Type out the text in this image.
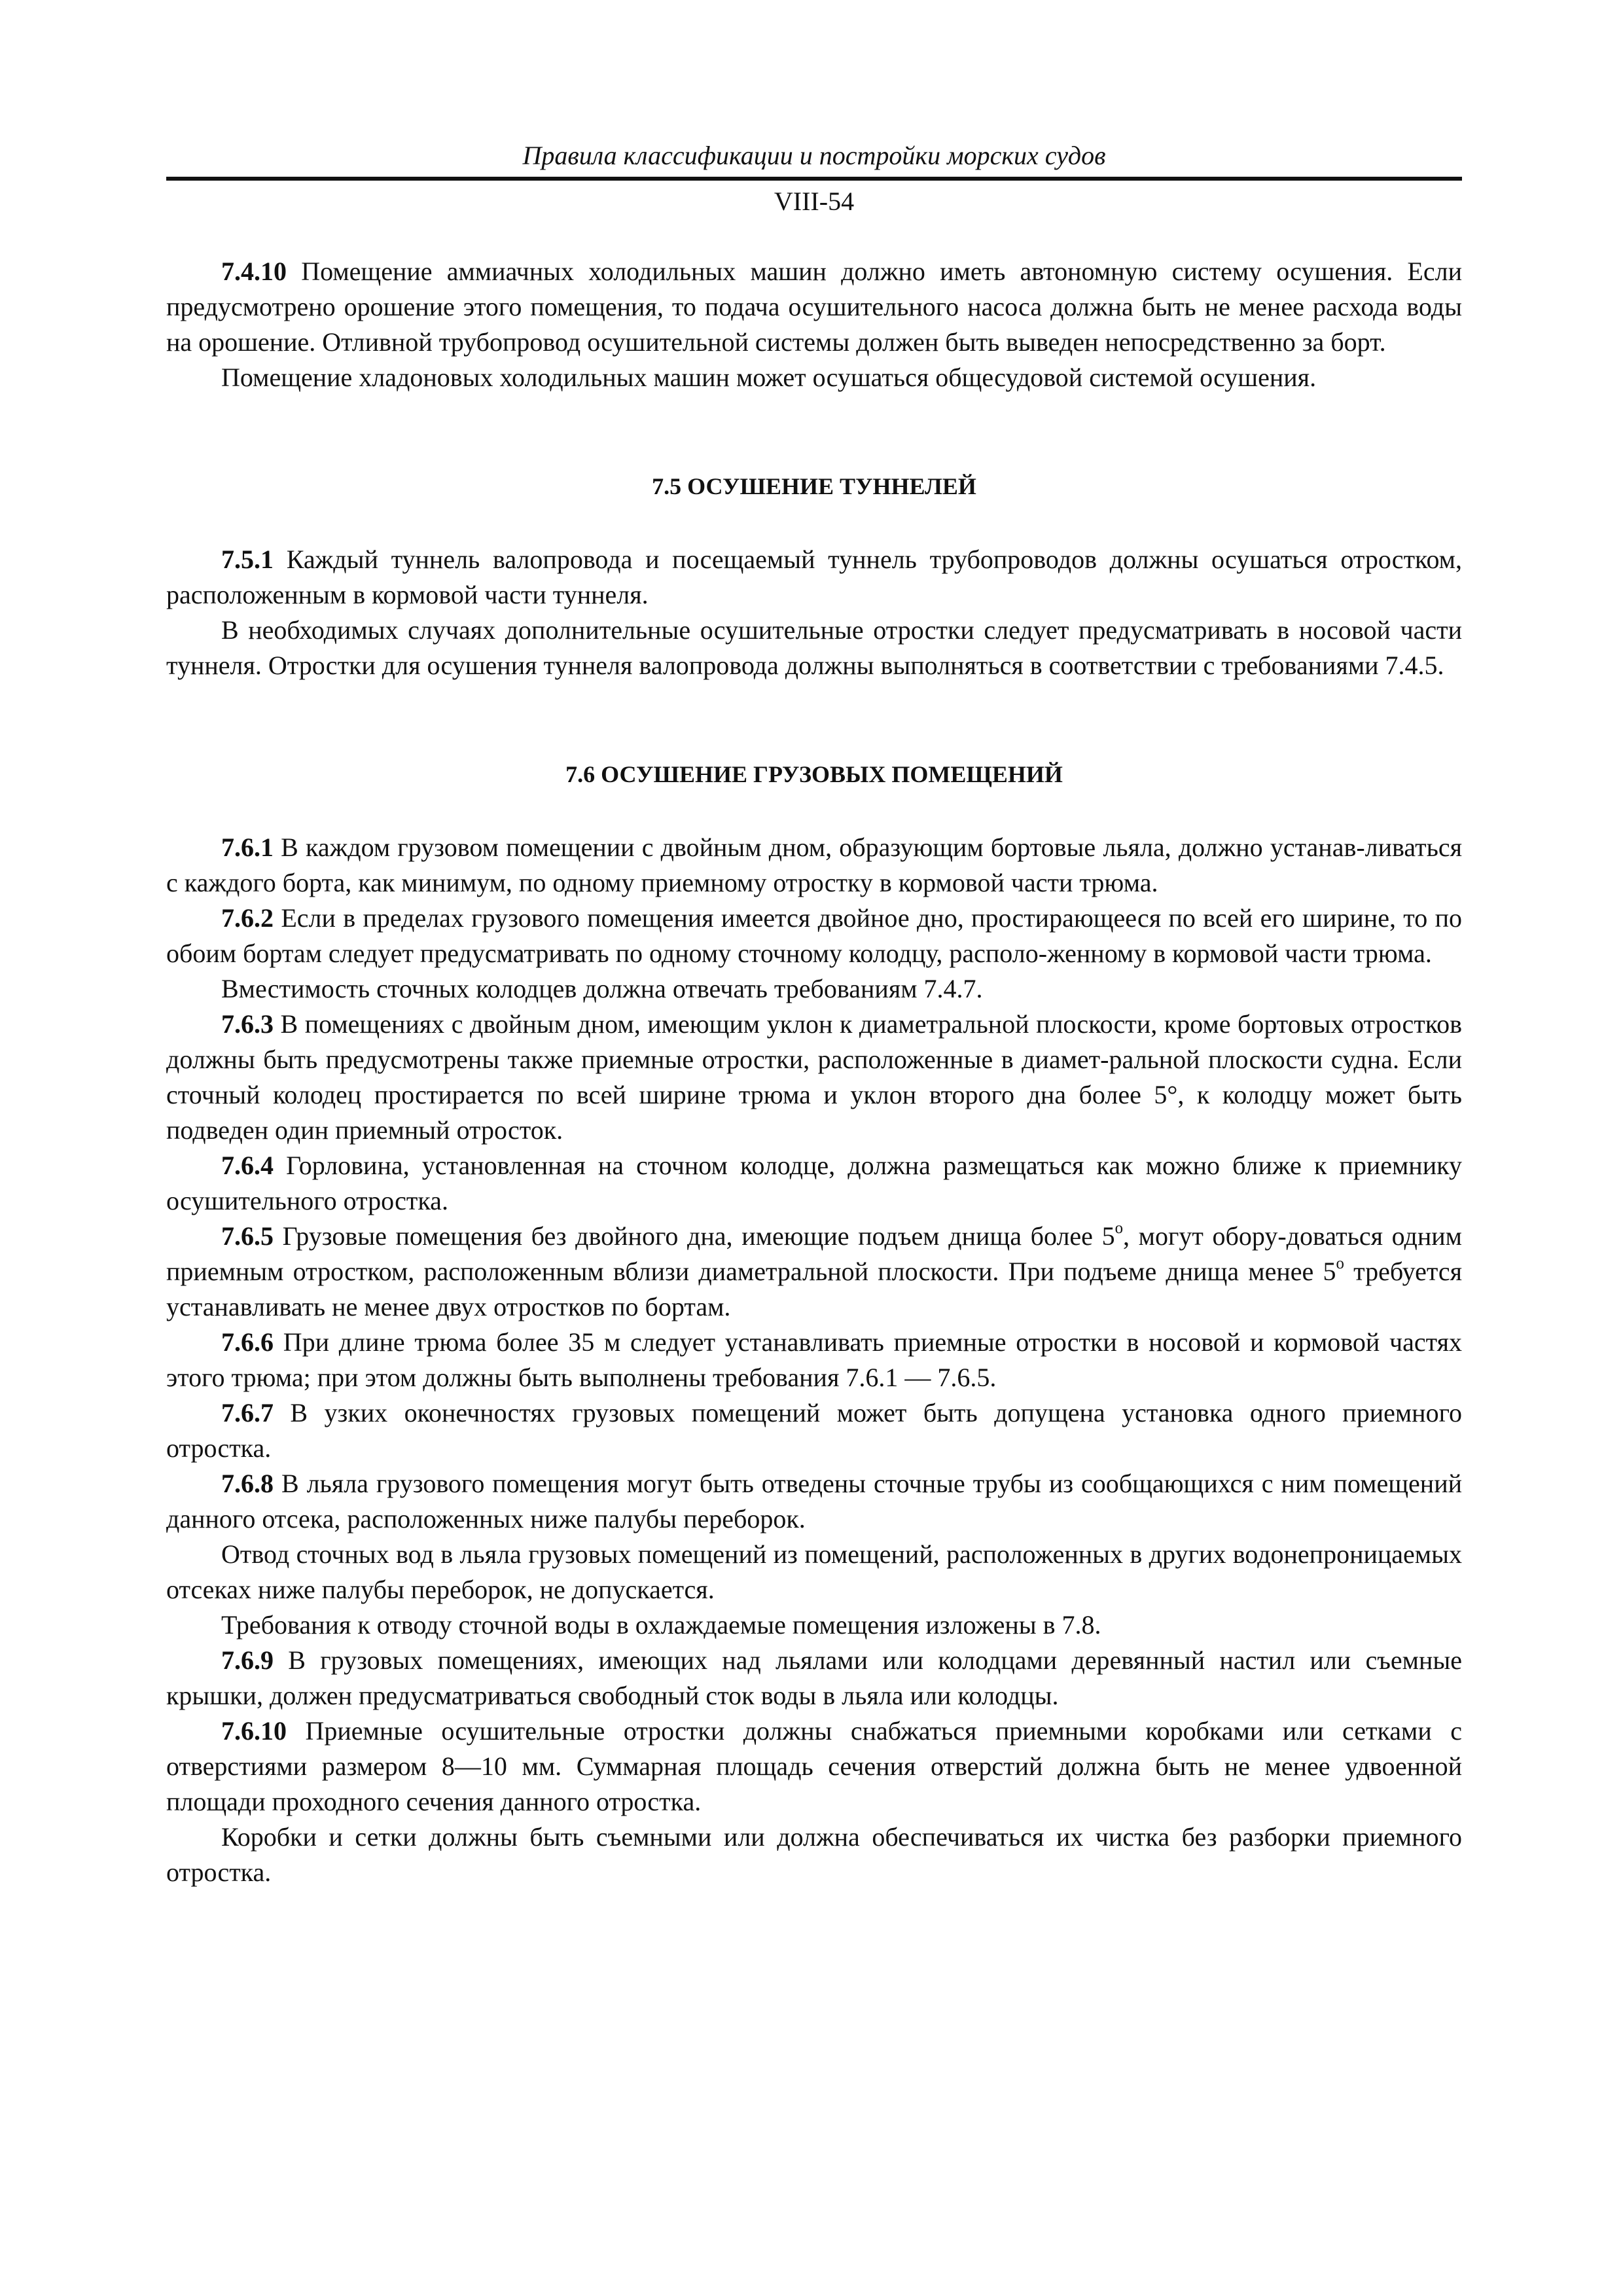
Правила классификации и постройки морских судов
VIII-54

7.4.10 Помещение аммиачных холодильных машин должно иметь автономную систему осушения. Если предусмотрено орошение этого помещения, то подача осушительного насоса должна быть не менее расхода воды на орошение. Отливной трубопровод осушительной системы должен быть выведен непосредственно за борт.

Помещение хладоновых холодильных машин может осушаться общесудовой системой осушения.

7.5 ОСУШЕНИЕ ТУННЕЛЕЙ

7.5.1 Каждый туннель валопровода и посещаемый туннель трубопроводов должны осушаться отростком, расположенным в кормовой части туннеля.

В необходимых случаях дополнительные осушительные отростки следует предусматривать в носовой части туннеля. Отростки для осушения туннеля валопровода должны выполняться в соответствии с требованиями 7.4.5.

7.6 ОСУШЕНИЕ ГРУЗОВЫХ ПОМЕЩЕНИЙ

7.6.1 В каждом грузовом помещении с двойным дном, образующим бортовые льяла, должно устанав-ливаться с каждого борта, как минимум, по одному приемному отростку в кормовой части трюма.

7.6.2 Если в пределах грузового помещения имеется двойное дно, простирающееся по всей его ширине, то по обоим бортам следует предусматривать по одному сточному колодцу, располо-женному в кормовой части трюма.

Вместимость сточных колодцев должна отвечать требованиям 7.4.7.

7.6.3 В помещениях с двойным дном, имеющим уклон к диаметральной плоскости, кроме бортовых отростков должны быть предусмотрены также приемные отростки, расположенные в диамет-ральной плоскости судна. Если сточный колодец простирается по всей ширине трюма и уклон второго дна более 5°, к колодцу может быть подведен один приемный отросток.

7.6.4 Горловина, установленная на сточном колодце, должна размещаться как можно ближе к приемнику осушительного отростка.

7.6.5 Грузовые помещения без двойного дна, имеющие подъем днища более 5$^o$, могут обору-доваться одним приемным отростком, расположенным вблизи диаметральной плоскости. При подъеме днища менее 5$^o$ требуется устанавливать не менее двух отростков по бортам.

7.6.6 При длине трюма более 35 м следует устанавливать приемные отростки в носовой и кормовой частях этого трюма; при этом должны быть выполнены требования 7.6.1 — 7.6.5.

7.6.7 В узких оконечностях грузовых помещений может быть допущена установка одного приемного отростка.

7.6.8 В льяла грузового помещения могут быть отведены сточные трубы из сообщающихся с ним помещений данного отсека, расположенных ниже палубы переборок.

Отвод сточных вод в льяла грузовых помещений из помещений, расположенных в других водонепроницаемых отсеках ниже палубы переборок, не допускается.

Требования к отводу сточной воды в охлаждаемые помещения изложены в 7.8.

7.6.9 В грузовых помещениях, имеющих над льялами или колодцами деревянный настил или съемные крышки, должен предусматриваться свободный сток воды в льяла или колодцы.

7.6.10 Приемные осушительные отростки должны снабжаться приемными коробками или сетками с отверстиями размером 8—10 мм. Суммарная площадь сечения отверстий должна быть не менее удвоенной площади проходного сечения данного отростка.

Коробки и сетки должны быть съемными или должна обеспечиваться их чистка без разборки приемного отростка.
